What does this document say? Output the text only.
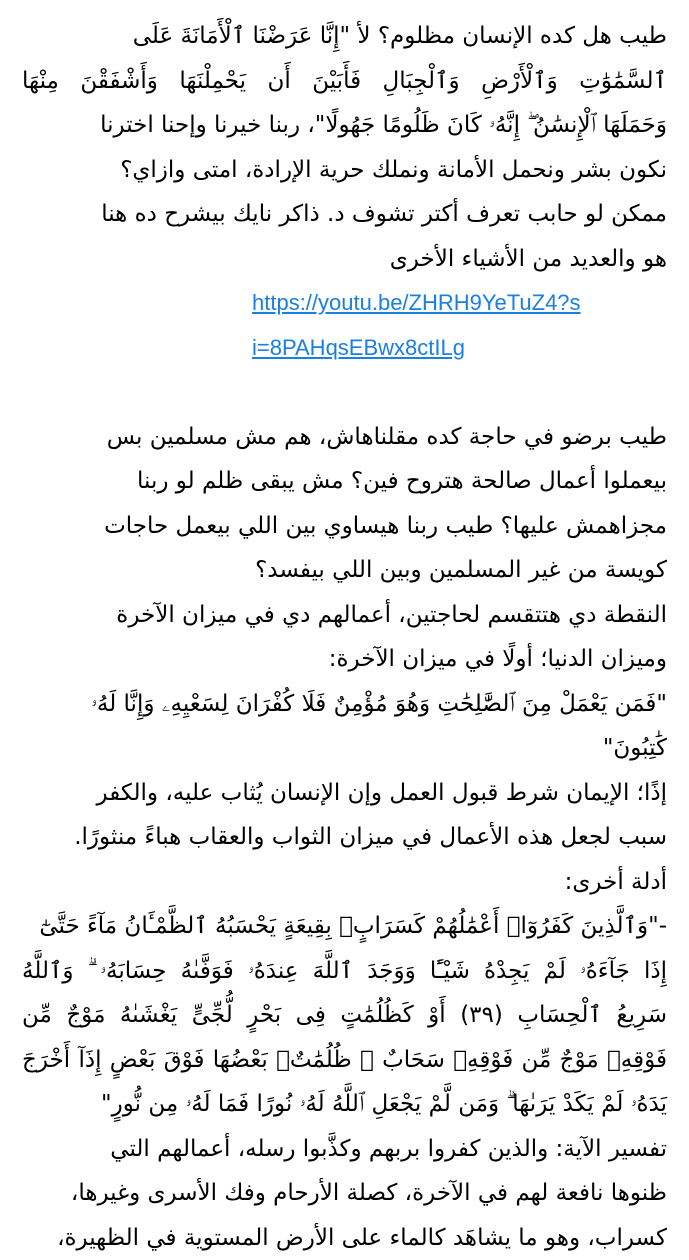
طيب هل كده الإنسان مظلوم؟ لأ "إِنَّا عَرَضْنَا ٱلْأَمَانَةَ عَلَى
ٱلسَّمَٰوَٰتِ وَٱلْأَرْضِ وَٱلْجِبَالِ فَأَبَيْنَ أَن يَحْمِلْنَهَا وَأَشْفَقْنَ مِنْهَا
وَحَمَلَهَا ٱلْإِنسَٰنُ ۖ إِنَّهُۥ كَانَ ظَلُومًا جَهُولًا"، ربنا خيرنا وإحنا اخترنا
نكون بشر ونحمل الأمانة ونملك حرية الإرادة، امتى وازاي؟
ممكن لو حابب تعرف أكتر تشوف د. ذاكر نايك بيشرح ده هنا
هو والعديد من الأشياء الأخرى
https://youtu.be/ZHRH9YeTuZ4?s
i=8PAHqsEBwx8ctILg
طيب برضو في حاجة كده مقلناهاش، هم مش مسلمين بس
بيعملوا أعمال صالحة هتروح فين؟ مش يبقى ظلم لو ربنا
مجزاهمش عليها؟ طيب ربنا هيساوي بين اللي بيعمل حاجات
كويسة من غير المسلمين وبين اللي بيفسد؟
النقطة دي هتتقسم لحاجتين، أعمالهم دي في ميزان الآخرة
وميزان الدنيا؛ أولًا في ميزان الآخرة:
"فَمَن يَعْمَلْ مِنَ ٱلصَّٰلِحَٰتِ وَهُوَ مُؤْمِنٌ فَلَا كُفْرَانَ لِسَعْيِهِۦ وَإِنَّا لَهُۥ
كَٰتِبُونَ"
إذًا؛ الإيمان شرط قبول العمل وإن الإنسان يُثاب عليه، والكفر
سبب لجعل هذه الأعمال في ميزان الثواب والعقاب هباءً منثورًا.
أدلة أخرى:
-"وَٱلَّذِينَ كَفَرُوٓا۟ أَعْمَٰلُهُمْ كَسَرَابٍۭ بِقِيعَةٍ يَحْسَبُهُ ٱلظَّمْـَٔانُ مَآءً حَتَّىٰٓ
إِذَا جَآءَهُۥ لَمْ يَجِدْهُ شَيْـًٔا وَوَجَدَ ٱللَّهَ عِندَهُۥ فَوَفَّىٰهُ حِسَابَهُۥ ۗ وَٱللَّهُ
سَرِيعُ ٱلْحِسَابِ (٣٩) أَوْ كَظُلُمَٰتٍ فِى بَحْرٍ لُّجِّىٍّ يَغْشَىٰهُ مَوْجٌ مِّن
فَوْقِهِۦ مَوْجٌ مِّن فَوْقِهِۦ سَحَابٌ ۚ ظُلُمَٰتٌۢ بَعْضُهَا فَوْقَ بَعْضٍ إِذَآ أَخْرَجَ
يَدَهُۥ لَمْ يَكَدْ يَرَىٰهَا ۗ وَمَن لَّمْ يَجْعَلِ ٱللَّهُ لَهُۥ نُورًا فَمَا لَهُۥ مِن نُّورٍ"
تفسير الآية: والذين كفروا بربهم وكذَّبوا رسله، أعمالهم التي
ظنوها نافعة لهم في الآخرة، كصلة الأرحام وفك الأسرى وغيرها،
كسراب، وهو ما يشاهَد كالماء على الأرض المستوية في الظهيرة،
